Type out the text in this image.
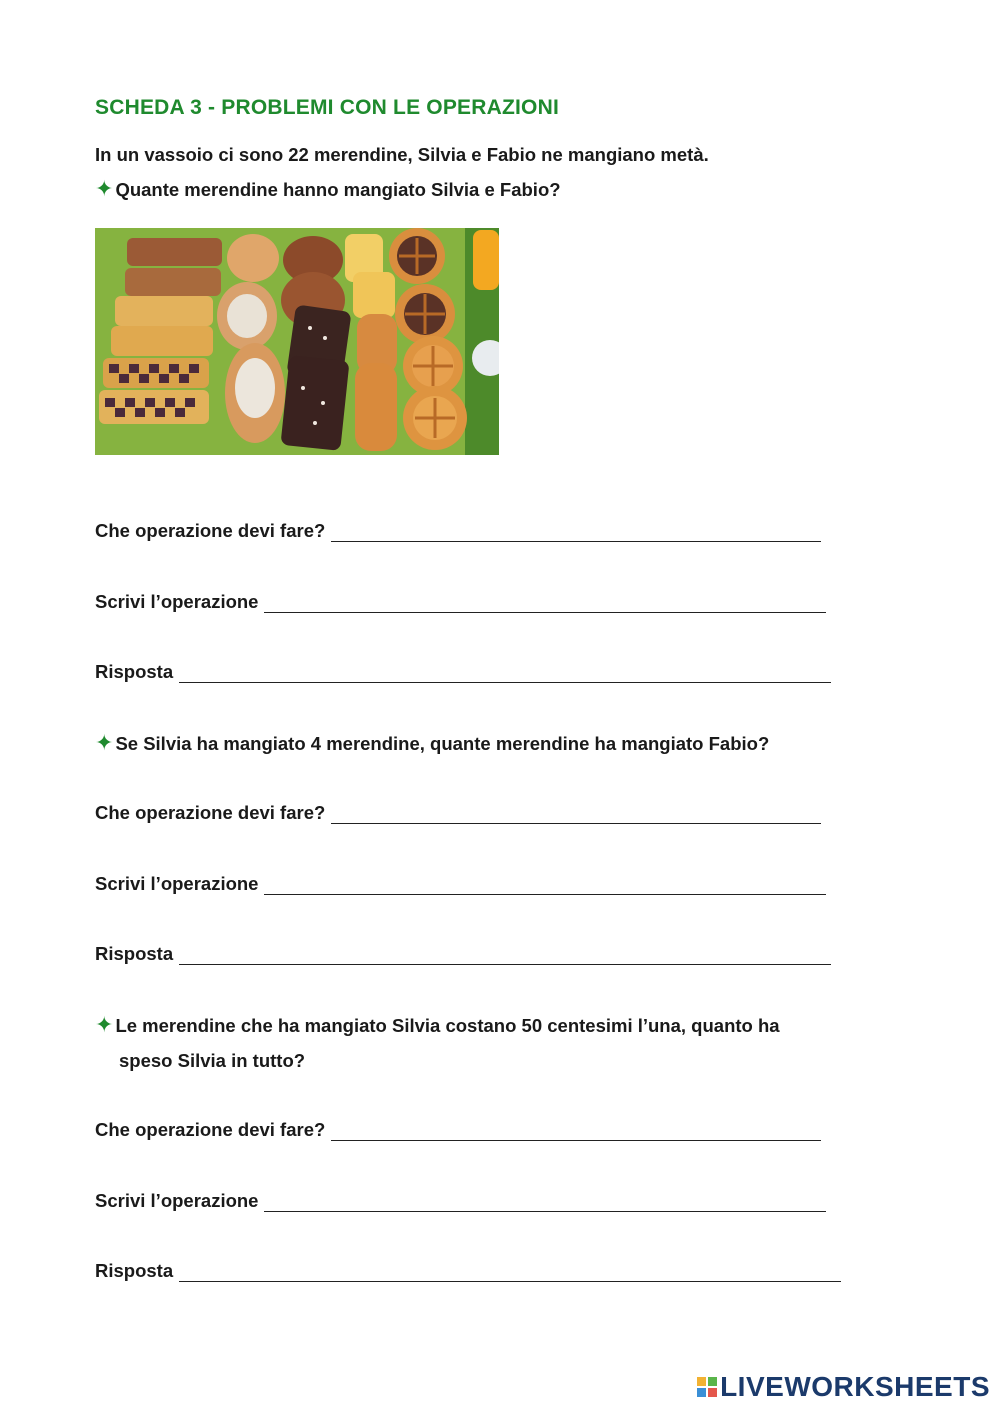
SCHEDA 3 - PROBLEMI CON LE OPERAZIONI
In un vassoio ci sono 22 merendine, Silvia e Fabio ne mangiano metà.
✦ Quante merendine hanno mangiato Silvia e Fabio?
Che operazione devi fare?
Scrivi l’operazione
Risposta
✦ Se Silvia ha mangiato 4 merendine, quante merendine ha mangiato Fabio?
Che operazione devi fare?
Scrivi l’operazione
Risposta
✦ Le merendine che ha mangiato Silvia costano 50 centesimi l’una, quanto ha
speso Silvia in tutto?
Che operazione devi fare?
Scrivi l’operazione
Risposta
LIVEWORKSHEETS
